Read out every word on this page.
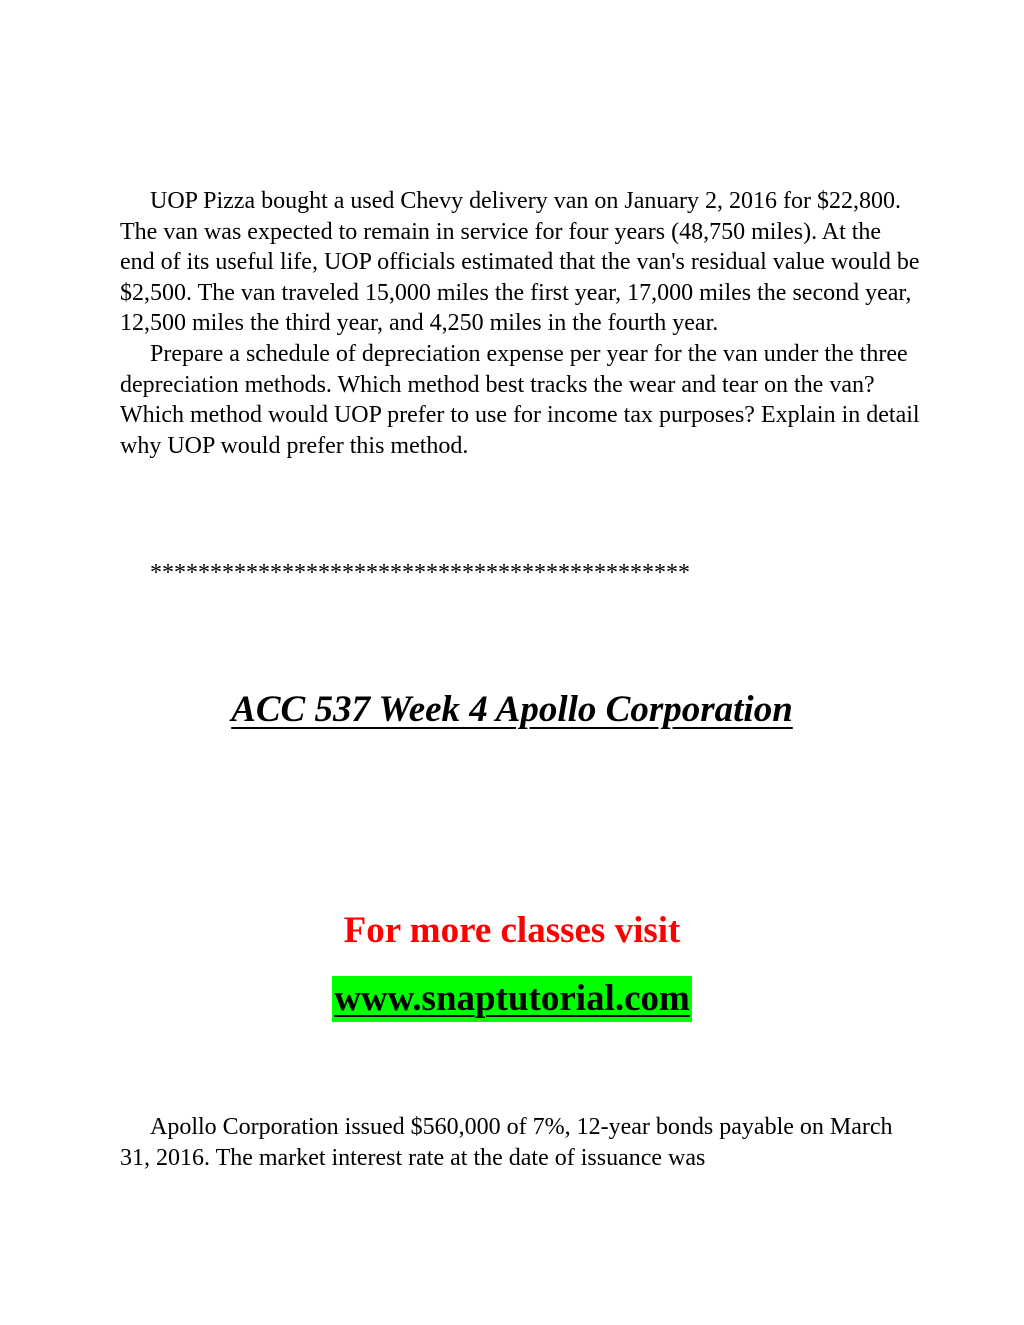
UOP Pizza bought a used Chevy delivery van on January 2, 2016 for $22,800. The van was expected to remain in service for four years (48,750 miles). At the end of its useful life, UOP officials estimated that the van's residual value would be $2,500. The van traveled 15,000 miles the first year, 17,000 miles the second year, 12,500 miles the third year, and 4,250 miles in the fourth year.
Prepare a schedule of depreciation expense per year for the van under the three depreciation methods. Which method best tracks the wear and tear on the van? Which method would UOP prefer to use for income tax purposes? Explain in detail why UOP would prefer this method.
*********************************************
ACC 537 Week 4 Apollo Corporation
For more classes visit
www.snaptutorial.com
Apollo Corporation issued $560,000 of 7%, 12-year bonds payable on March 31, 2016. The market interest rate at the date of issuance was
